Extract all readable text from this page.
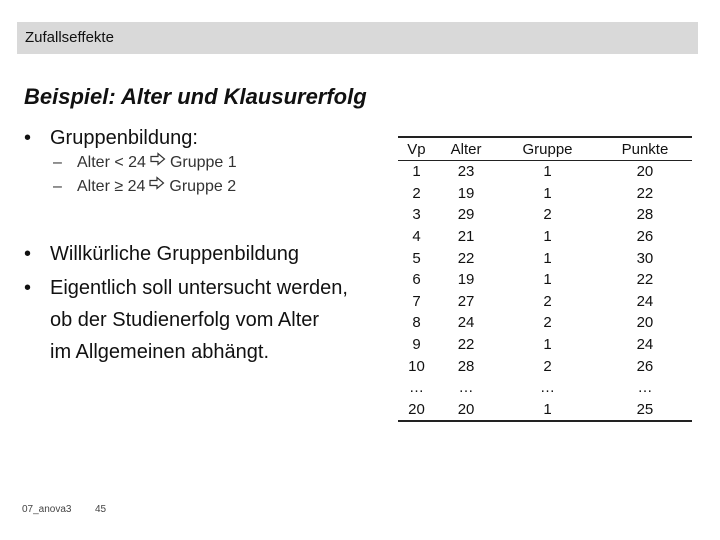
Zufallseffekte
Beispiel: Alter und Klausurerfolg
• Gruppenbildung:
– Alter < 24 Gruppe 1
– Alter ≥ 24 Gruppe 2
• Willkürliche Gruppenbildung
• Eigentlich soll untersucht werden,
ob der Studienerfolg vom Alter
im Allgemeinen abhängt.
Vp	Alter	Gruppe	Punkte
1	23	1	20
2	19	1	22
3	29	2	28
4	21	1	26
5	22	1	30
6	19	1	22
7	27	2	24
8	24	2	20
9	22	1	24
10	28	2	26
…	…	…	…
20	20	1	25
07_anova3 45
